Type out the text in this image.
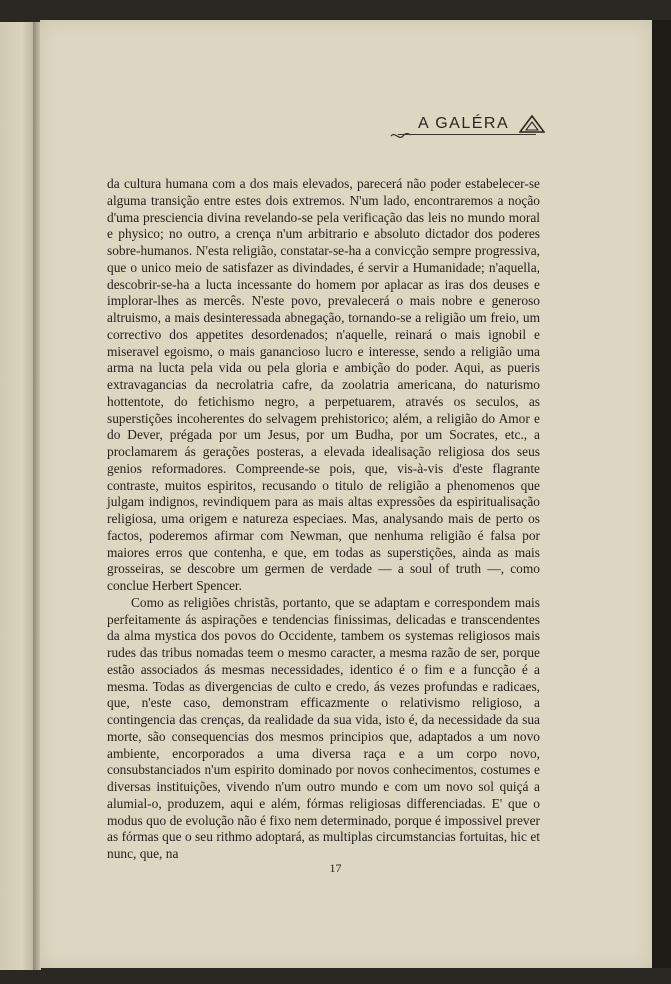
A GALÉRA

da cultura humana com a dos mais elevados, parecerá não poder estabelecer-se alguma transição entre estes dois extremos. N'um lado, encontraremos a noção d'uma presciencia divina revelando-se pela verificação das leis no mundo moral e physico; no outro, a crença n'um arbitrario e absoluto dictador dos poderes sobre-humanos. N'esta religião, constatar-se-ha a convicção sempre progressiva, que o unico meio de satisfazer as divindades, é servir a Humanidade; n'aquella, descobrir-se-ha a lucta incessante do homem por aplacar as iras dos deuses e implorar-lhes as mercês. N'este povo, prevalecerá o mais nobre e generoso altruismo, a mais desinteressada abnegação, tornando-se a religião um freio, um correctivo dos appetites desordenados; n'aquelle, reinará o mais ignobil e miseravel egoismo, o mais ganancioso lucro e interesse, sendo a religião uma arma na lucta pela vida ou pela gloria e ambição do poder. Aqui, as pueris extravagancias da necrolatria cafre, da zoolatria americana, do naturismo hottentote, do fetichismo negro, a perpetuarem, através os seculos, as superstições incoherentes do selvagem prehistorico; além, a religião do Amor e do Dever, prégada por um Jesus, por um Budha, por um Socrates, etc., a proclamarem ás gerações posteras, a elevada idealisação religiosa dos seus genios reformadores. Compreende-se pois, que, vis-à-vis d'este flagrante contraste, muitos espiritos, recusando o titulo de religião a phenomenos que julgam indignos, revindiquem para as mais altas expressões da espiritualisação religiosa, uma origem e natureza especiaes. Mas, analysando mais de perto os factos, poderemos afirmar com Newman, que nenhuma religião é falsa por maiores erros que contenha, e que, em todas as superstições, ainda as mais grosseiras, se descobre um germen de verdade — a soul of truth —, como conclue Herbert Spencer.

Como as religiões christãs, portanto, que se adaptam e correspondem mais perfeitamente ás aspirações e tendencias finissimas, delicadas e transcendentes da alma mystica dos povos do Occidente, tambem os systemas religiosos mais rudes das tribus nomadas teem o mesmo caracter, a mesma razão de ser, porque estão associados ás mesmas necessidades, identico é o fim e a funcção é a mesma. Todas as divergencias de culto e credo, ás vezes profundas e radicaes, que, n'este caso, demonstram efficazmente o relativismo religioso, a contingencia das crenças, da realidade da sua vida, isto é, da necessidade da sua morte, são consequencias dos mesmos principios que, adaptados a um novo ambiente, encorporados a uma diversa raça e a um corpo novo, consubstanciados n'um espirito dominado por novos conhecimentos, costumes e diversas instituições, vivendo n'um outro mundo e com um novo sol quiçá a alumial-o, produzem, aqui e além, fórmas religiosas differenciadas. E' que o modus quo de evolução não é fixo nem determinado, porque é impossivel prever as fórmas que o seu rithmo adoptará, as multiplas circumstancias fortuitas, hic et nunc, que, na

17
